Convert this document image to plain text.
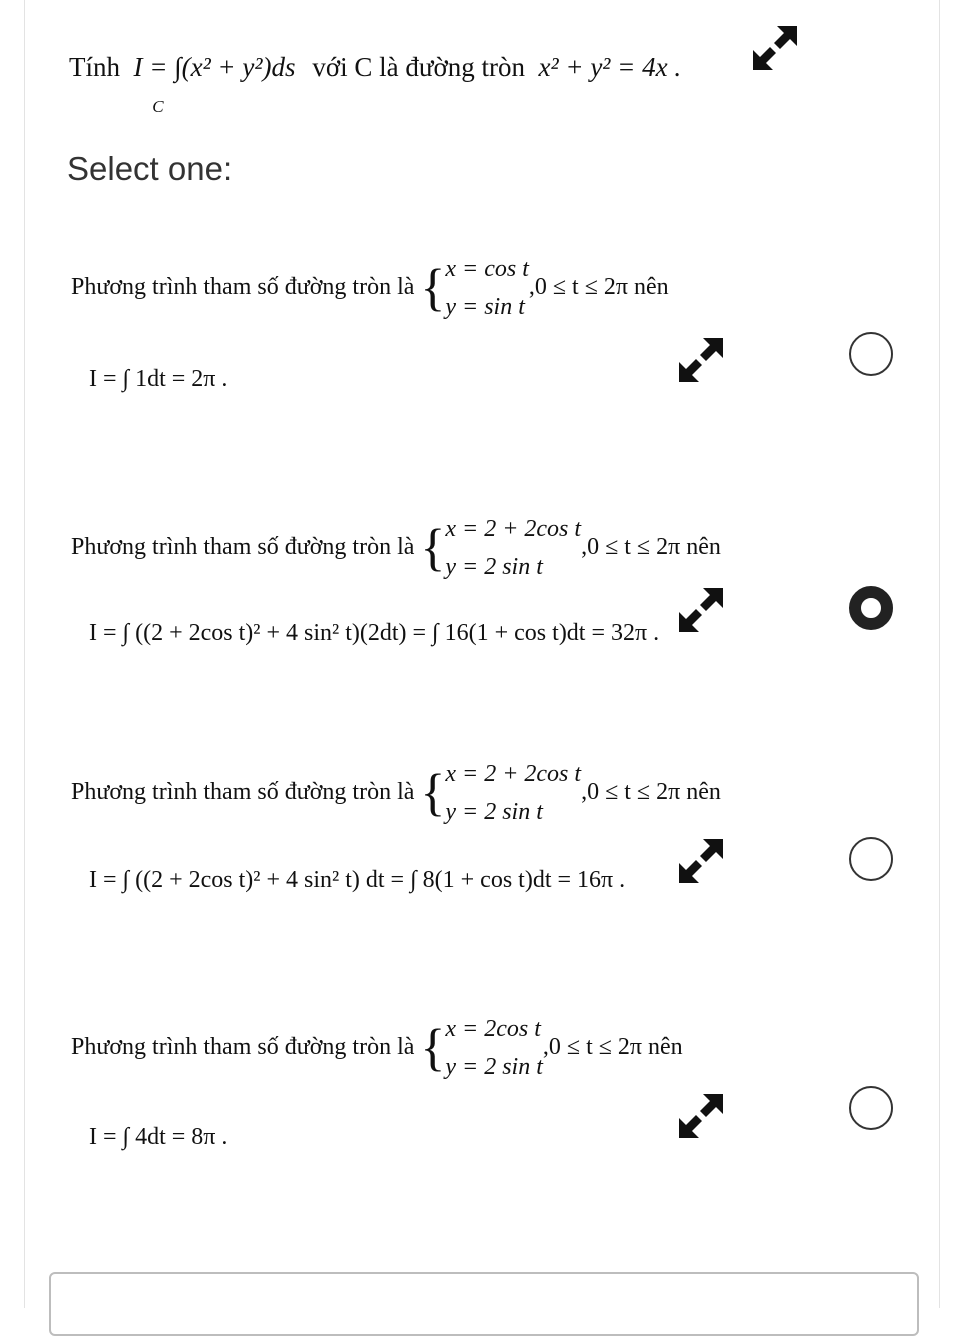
Tính I = ∫(x² + y²)ds $_C$ với C là đường tròn x² + y² = 4x .
Select one:
Phương trình tham số đường tròn là {x = cos t
y = sin t,0 ≤ t ≤ 2π nên
I = ∫ 1dt = 2π .
Phương trình tham số đường tròn là {x = 2 + 2cos t
y = 2 sin t,0 ≤ t ≤ 2π nên
I = ∫ ((2 + 2cos t)² + 4 sin² t)(2dt) = ∫ 16(1 + cos t)dt = 32π .
Phương trình tham số đường tròn là {x = 2 + 2cos t
y = 2 sin t,0 ≤ t ≤ 2π nên
I = ∫ ((2 + 2cos t)² + 4 sin² t) dt = ∫ 8(1 + cos t)dt = 16π .
Phương trình tham số đường tròn là {x = 2cos t
y = 2 sin t,0 ≤ t ≤ 2π nên
I = ∫ 4dt = 8π .
